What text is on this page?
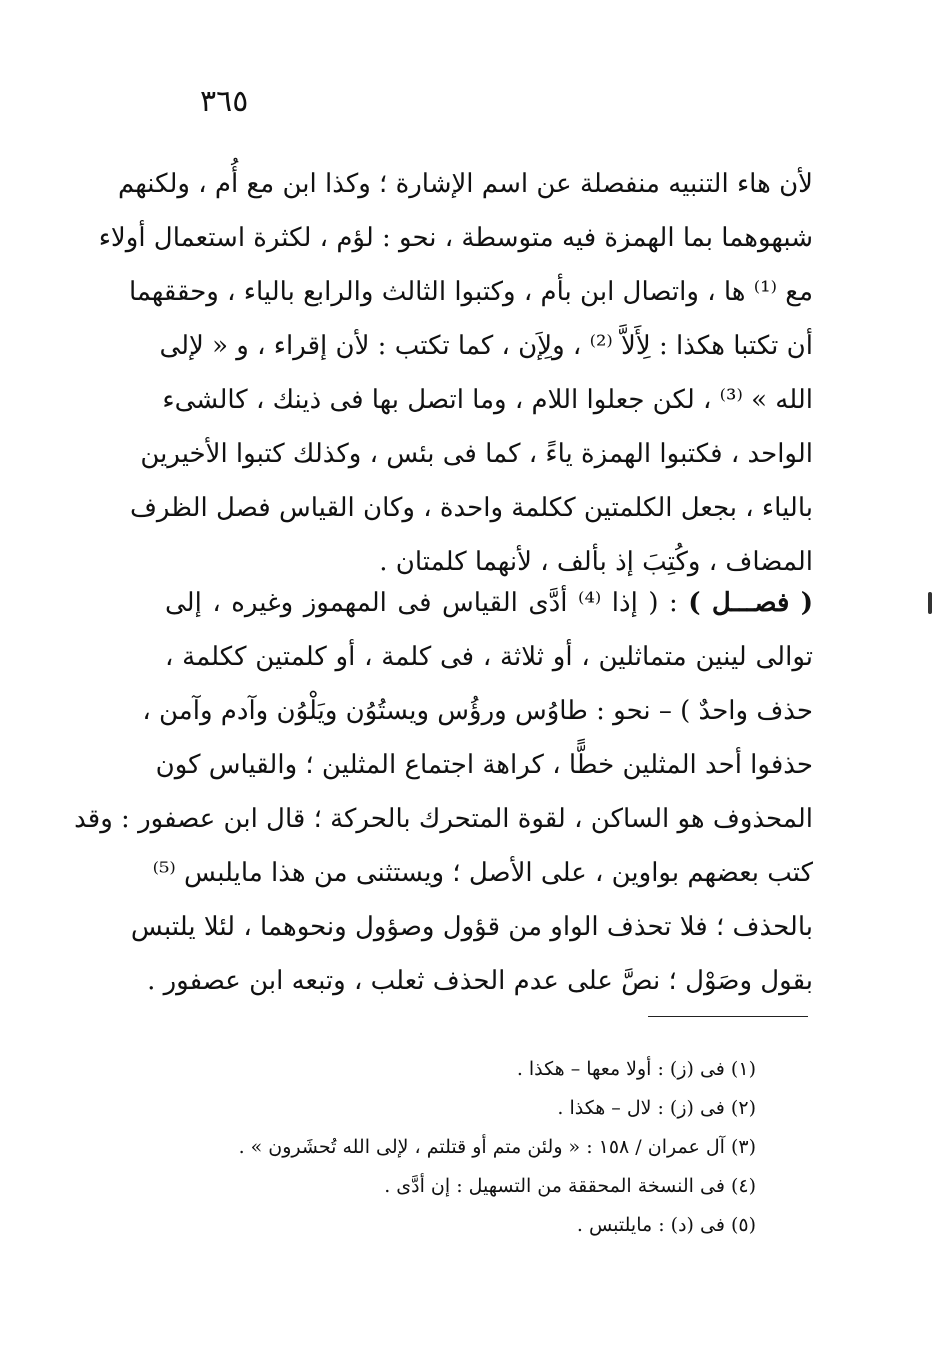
٣٦٥
لأن هاء التنبيه منفصلة عن اسم الإشارة ؛ وكذا ابن مع أُم ، ولكنهم
شبهوهما بما الهمزة فيه متوسطة ، نحو : لؤم ، لكثرة استعمال أولاء
مع ⁽¹⁾ ها ، واتصال ابن بأم ، وكتبوا الثالث والرابع بالياء ، وحققهما
أن تكتبا هكذا : لِأَلاَّ ⁽²⁾ ، ولِإَن ، كما تكتب : لأن إقراء ، و « لإلى
الله » ⁽³⁾ ، لكن جعلوا اللام ، وما اتصل بها فى ذينك ، كالشىء
الواحد ، فكتبوا الهمزة ياءً ، كما فى بئس ، وكذلك كتبوا الأخيرين
بالياء ، بجعل الكلمتين ككلمة واحدة ، وكان القياس فصل الظرف
المضاف ، وكُتِبَ إذ بألف ، لأنهما كلمتان .
( فصـــل ) : ( إذا ⁽⁴⁾ أدَّى القياس فى المهموز وغيره ، إلى
توالى لينين متماثلين ، أو ثلاثة ، فى كلمة ، أو كلمتين ككلمة ،
حذف واحدٌ ) – نحو : طاوُس ورؤُس ويستُوُن ويَلْوُن وآدم وآمن ،
حذفوا أحد المثلين خطًّا ، كراهة اجتماع المثلين ؛ والقياس كون
المحذوف هو الساكن ، لقوة المتحرك بالحركة ؛ قال ابن عصفور : وقد
كتب بعضهم بواوين ، على الأصل ؛ ويستثنى من هذا مايلبس ⁽⁵⁾
بالحذف ؛ فلا تحذف الواو من قؤول وصؤول ونحوهما ، لئلا يلتبس
بقول وصَوْل ؛ نصَّ على عدم الحذف ثعلب ، وتبعه ابن عصفور .
(١) فى (ز) : أولا معها – هكذا .
(٢) فى (ز) : لال – هكذا .
(٣) آل عمران / ١٥٨ : « ولئن متم أو قتلتم ، لإلى الله تُحشَرون » .
(٤) فى النسخة المحققة من التسهيل : إن أدَّى .
(٥) فى (د) : مايلتبس .
